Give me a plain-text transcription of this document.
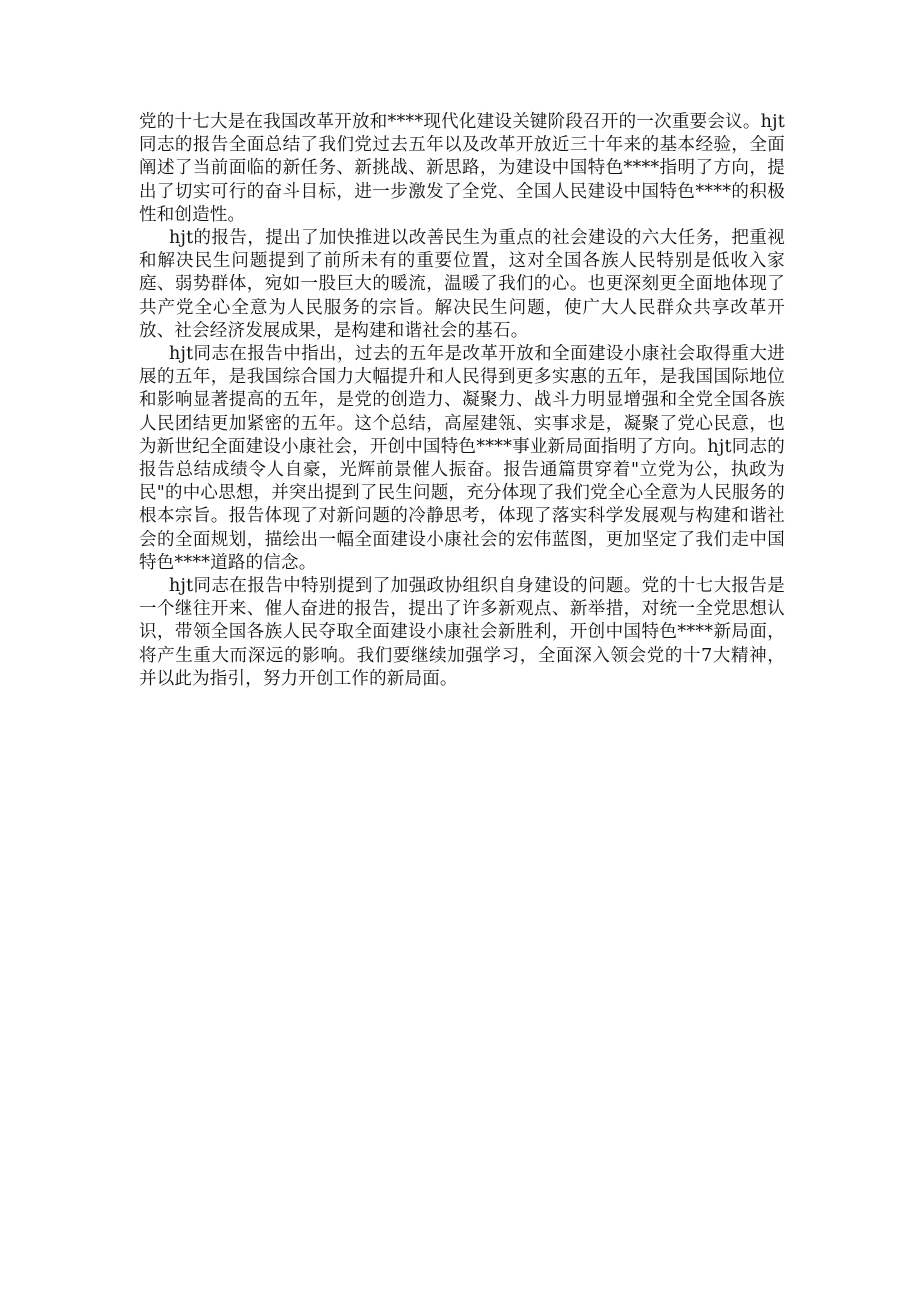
党的十七大是在我国改革开放和****现代化建设关键阶段召开的一次重要会议。hjt同志的报告全面总结了我们党过去五年以及改革开放近三十年来的基本经验，全面阐述了当前面临的新任务、新挑战、新思路，为建设中国特色****指明了方向，提出了切实可行的奋斗目标，进一步激发了全党、全国人民建设中国特色****的积极性和创造性。

hjt的报告，提出了加快推进以改善民生为重点的社会建设的六大任务，把重视和解决民生问题提到了前所未有的重要位置，这对全国各族人民特别是低收入家庭、弱势群体，宛如一股巨大的暖流，温暖了我们的心。也更深刻更全面地体现了共产党全心全意为人民服务的宗旨。解决民生问题，使广大人民群众共享改革开放、社会经济发展成果，是构建和谐社会的基石。

hjt同志在报告中指出，过去的五年是改革开放和全面建设小康社会取得重大进展的五年，是我国综合国力大幅提升和人民得到更多实惠的五年，是我国国际地位和影响显著提高的五年，是党的创造力、凝聚力、战斗力明显增强和全党全国各族人民团结更加紧密的五年。这个总结，高屋建瓴、实事求是，凝聚了党心民意，也为新世纪全面建设小康社会，开创中国特色****事业新局面指明了方向。hjt同志的报告总结成绩令人自豪，光辉前景催人振奋。报告通篇贯穿着"立党为公，执政为民"的中心思想，并突出提到了民生问题，充分体现了我们党全心全意为人民服务的根本宗旨。报告体现了对新问题的冷静思考，体现了落实科学发展观与构建和谐社会的全面规划，描绘出一幅全面建设小康社会的宏伟蓝图，更加坚定了我们走中国特色****道路的信念。

hjt同志在报告中特别提到了加强政协组织自身建设的问题。党的十七大报告是一个继往开来、催人奋进的报告，提出了许多新观点、新举措，对统一全党思想认识，带领全国各族人民夺取全面建设小康社会新胜利，开创中国特色****新局面，将产生重大而深远的影响。我们要继续加强学习，全面深入领会党的十7大精神，并以此为指引，努力开创工作的新局面。
